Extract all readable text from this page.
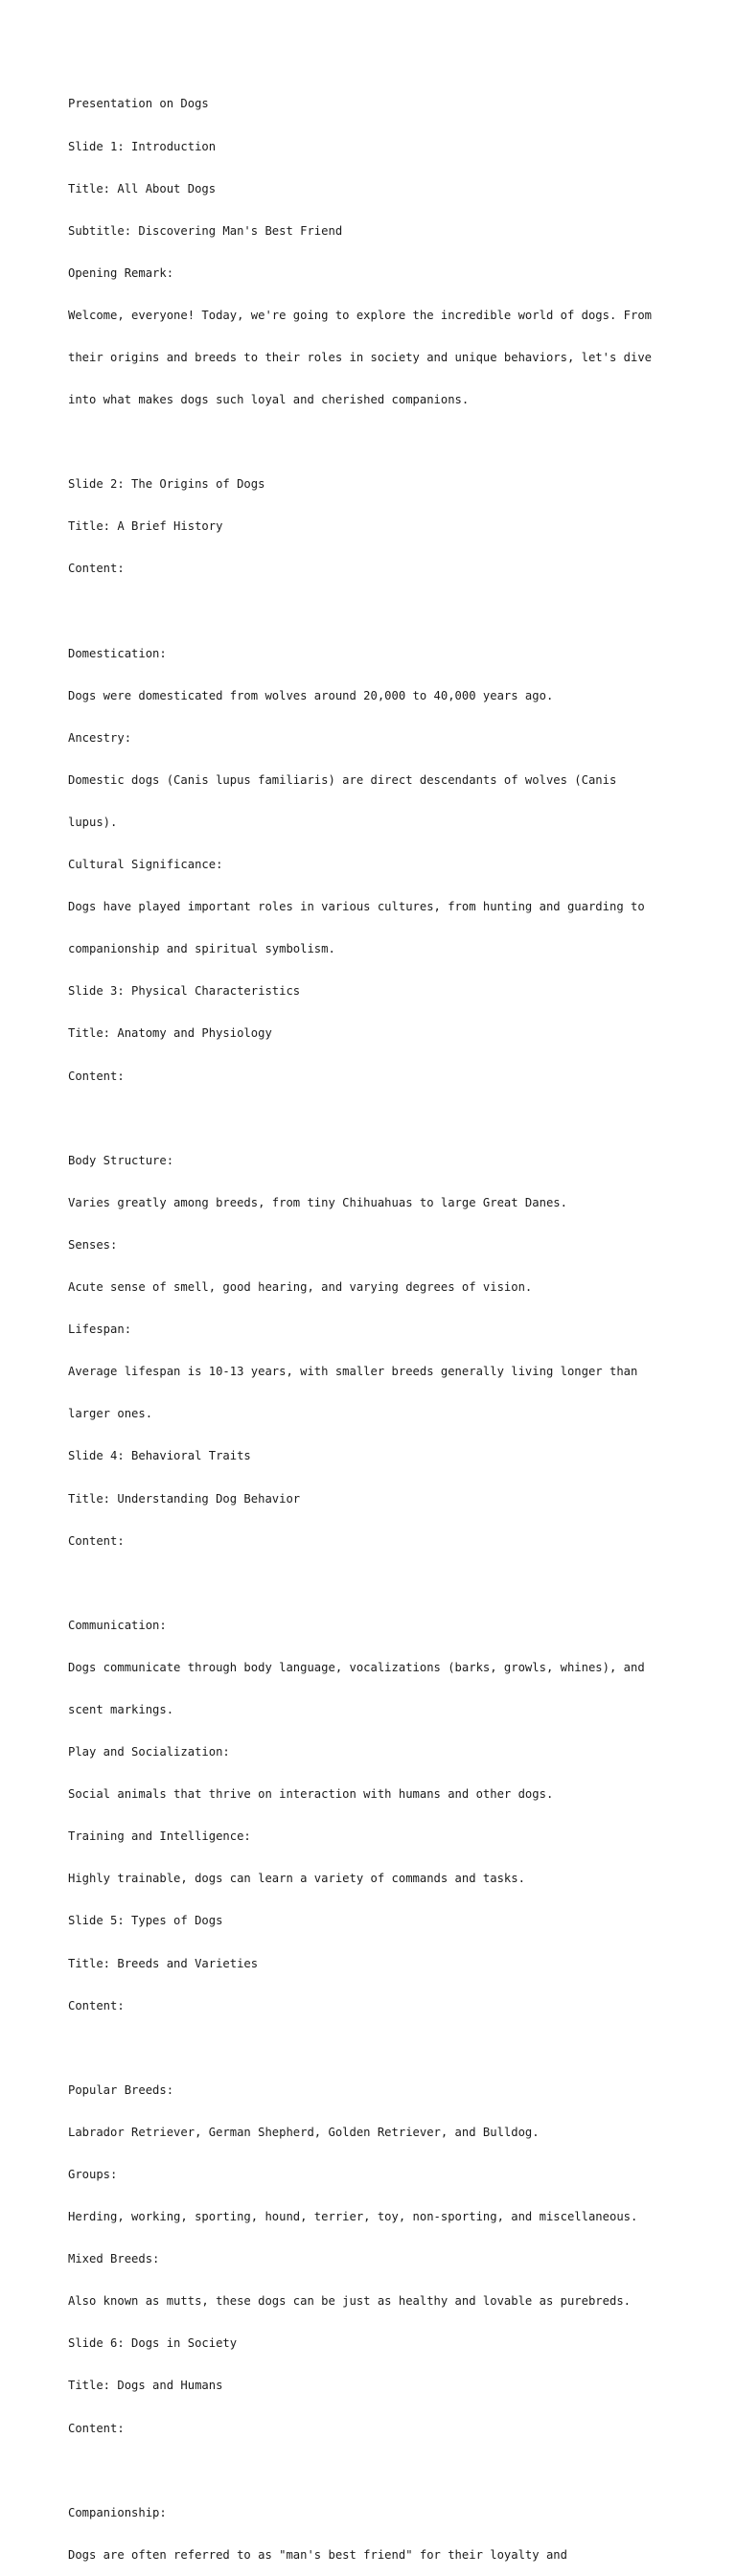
Presentation on Dogs

Slide 1: Introduction

Title: All About Dogs

Subtitle: Discovering Man's Best Friend

Opening Remark:

Welcome, everyone! Today, we're going to explore the incredible world of dogs. From

their origins and breeds to their roles in society and unique behaviors, let's dive

into what makes dogs such loyal and cherished companions.

Slide 2: The Origins of Dogs

Title: A Brief History

Content:

Domestication:

Dogs were domesticated from wolves around 20,000 to 40,000 years ago.

Ancestry:

Domestic dogs (Canis lupus familiaris) are direct descendants of wolves (Canis

lupus).

Cultural Significance:

Dogs have played important roles in various cultures, from hunting and guarding to

companionship and spiritual symbolism.

Slide 3: Physical Characteristics

Title: Anatomy and Physiology

Content:

Body Structure:

Varies greatly among breeds, from tiny Chihuahuas to large Great Danes.

Senses:

Acute sense of smell, good hearing, and varying degrees of vision.

Lifespan:

Average lifespan is 10-13 years, with smaller breeds generally living longer than

larger ones.

Slide 4: Behavioral Traits

Title: Understanding Dog Behavior

Content:

Communication:

Dogs communicate through body language, vocalizations (barks, growls, whines), and

scent markings.

Play and Socialization:

Social animals that thrive on interaction with humans and other dogs.

Training and Intelligence:

Highly trainable, dogs can learn a variety of commands and tasks.

Slide 5: Types of Dogs

Title: Breeds and Varieties

Content:

Popular Breeds:

Labrador Retriever, German Shepherd, Golden Retriever, and Bulldog.

Groups:

Herding, working, sporting, hound, terrier, toy, non-sporting, and miscellaneous.

Mixed Breeds:

Also known as mutts, these dogs can be just as healthy and lovable as purebreds.

Slide 6: Dogs in Society

Title: Dogs and Humans

Content:

Companionship:

Dogs are often referred to as "man's best friend" for their loyalty and
